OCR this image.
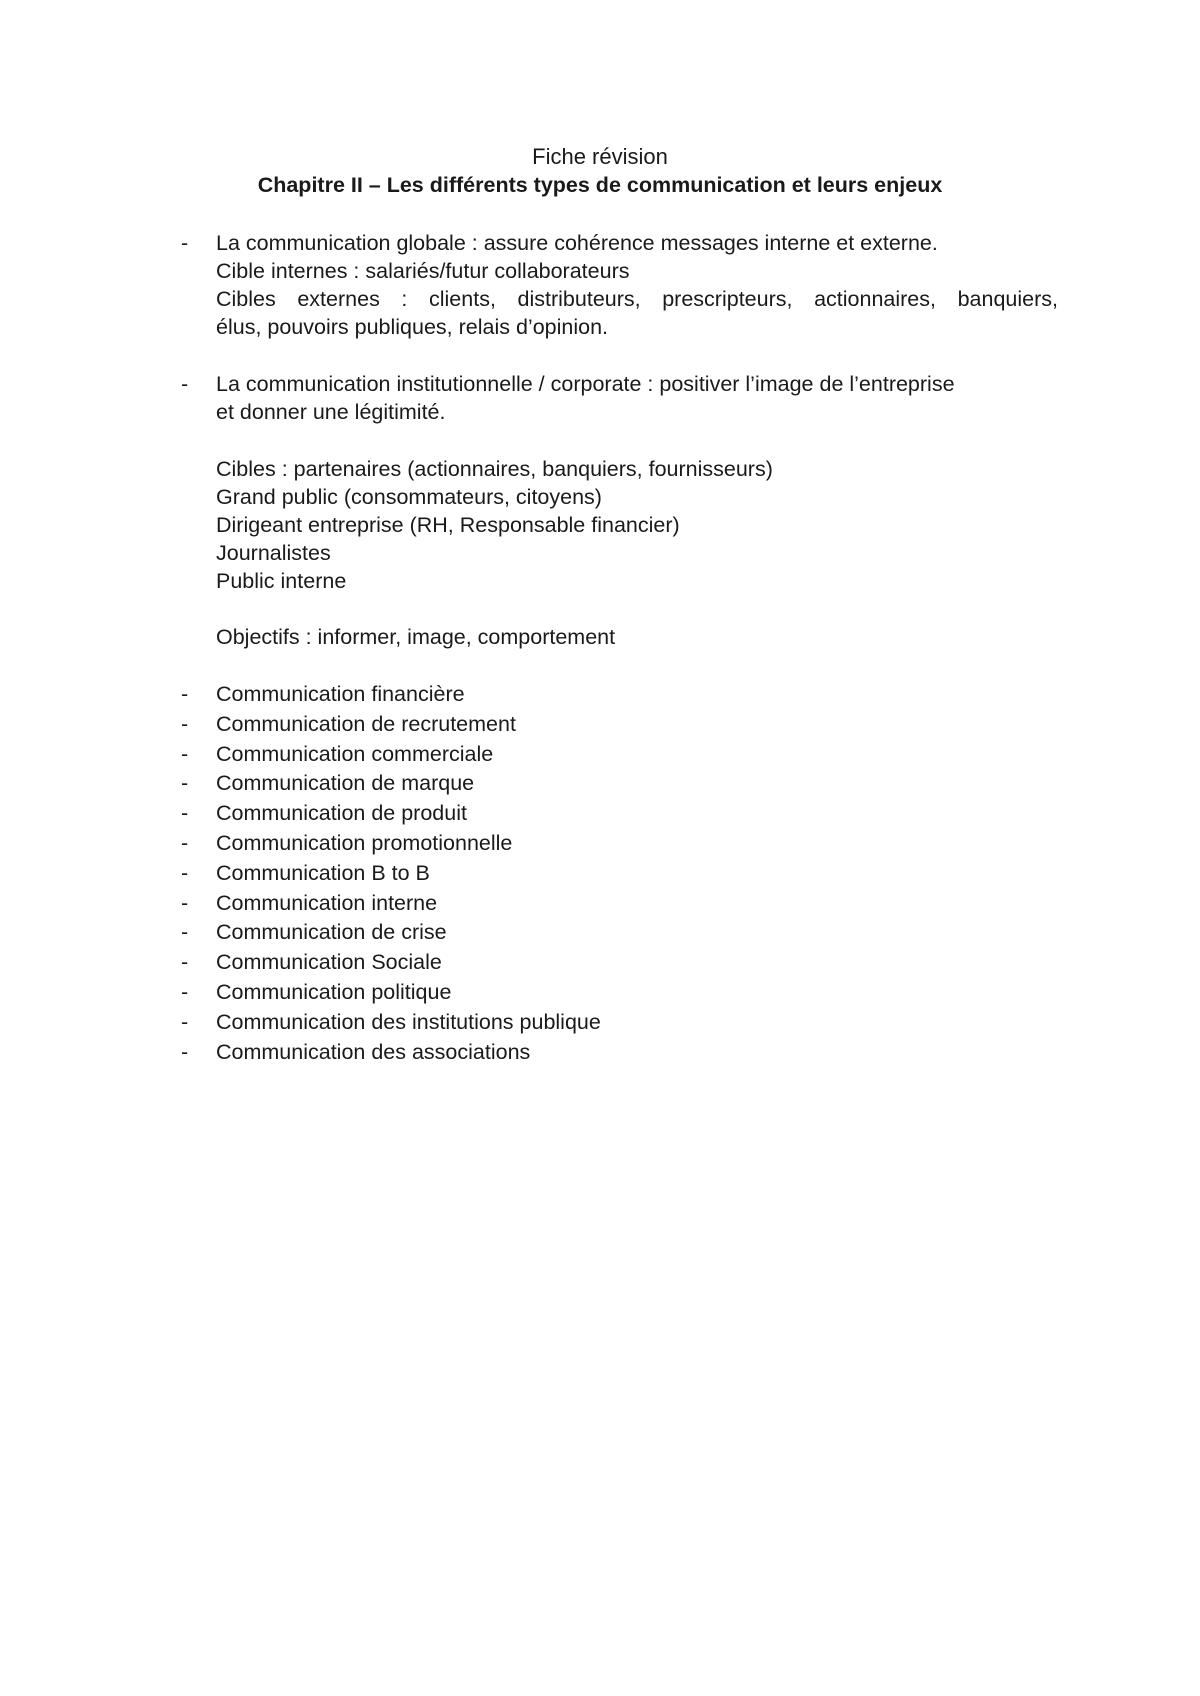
Fiche révision
Chapitre II – Les différents types de communication et leurs enjeux
- La communication globale : assure cohérence messages interne et externe.
Cible internes : salariés/futur collaborateurs
Cibles externes : clients, distributeurs, prescripteurs, actionnaires, banquiers,
élus, pouvoirs publiques, relais d’opinion.
- La communication institutionnelle / corporate : positiver l’image de l’entreprise
et donner une légitimité.
Cibles : partenaires (actionnaires, banquiers, fournisseurs)
Grand public (consommateurs, citoyens)
Dirigeant entreprise (RH, Responsable financier)
Journalistes
Public interne
Objectifs : informer, image, comportement
- Communication financière
- Communication de recrutement
- Communication commerciale
- Communication de marque
- Communication de produit
- Communication promotionnelle
- Communication B to B
- Communication interne
- Communication de crise
- Communication Sociale
- Communication politique
- Communication des institutions publique
- Communication des associations
